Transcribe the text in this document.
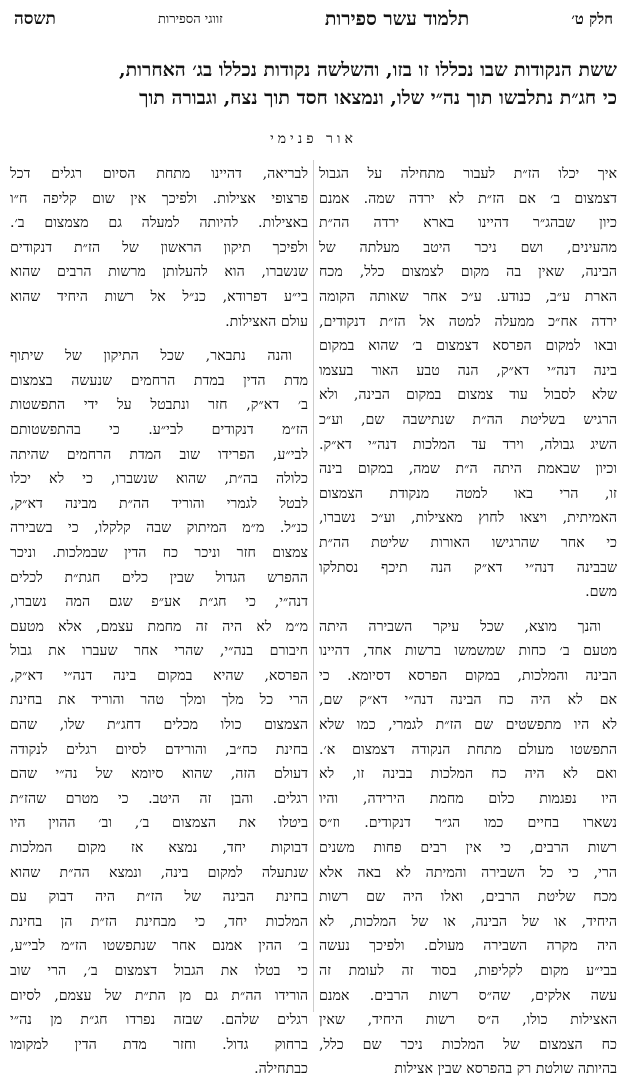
חלק ט׳
תלמוד עשר ספירות
זווגי הספירות
תשסה

ששת הנקודות שבו נכללו זו בזו, והשלשה נקודות נכללו בג׳ האחרות,

כי חג״ת נתלבשו תוך נה״י שלו, ונמצאו חסד תוך נצח, וגבורה תוך

אור פנימי
איך יכלו הז״ת לעבור מתחילה על הגבול
דצמצום ב׳ אם הז״ת לא ירדה שמה. אמנם
כיון שבהג״ר דהיינו בארא ירדה הה״ת
מהעינים, ושם ניכר היטב מעלתה של
הבינה, שאין בה מקום לצמצום כלל, מכח
הארת ע״ב, כנודע. ע״כ אחר שאותה הקומה
ירדה אח״כ ממעלה למטה אל הז״ת דנקודים,
ובאו למקום הפרסא דצמצום ב׳ שהוא במקום
בינה דנה״י דא״ק, הנה טבע האור בעצמו
שלא לסבול עוד צמצום במקום הבינה, ולא
הרגיש בשליטת הה״ת שנתישבה שם, וע״כ
השיג גבולה, וירד עד המלכות דנה״י דא״ק.
וכיון שבאמת היתה ה״ת שמה, במקום בינה
זו, הרי באו למטה מנקודת הצמצום
האמיתית, ויצאו לחוץ מאצילות, וע״כ נשברו,
כי אחר שהרגישו האורות שליטת הה״ת
שבבינה דנה״י דא״ק הנה תיכף נסתלקו
משם.
והנך מוצא, שכל עיקר השבירה היתה
מטעם ב׳ כחות שמשמשו ברשות אחד, דהיינו
הבינה והמלכות, במקום הפרסא דסיומא. כי
אם לא היה כח הבינה דנה״י דא״ק שם,
לא היו מתפשטים שם הז״ת לגמרי, כמו שלא
התפשטו מעולם מתחת הנקודה דצמצום א׳.
ואם לא היה כח המלכות בבינה זו, לא
היו נפגמות כלום מחמת הירידה, והיו
נשארו בחיים כמו הג״ר דנקודים. וז״ס
רשות הרבים, כי אין רבים פחות משנים
הרי, כי כל השבירה והמיתה לא באה אלא
מכח שליטת הרבים, ואלו היה שם רשות
היחיד, או של הבינה, או של המלכות, לא
היה מקרה השבירה מעולם. ולפיכך נעשה
בבי״ע מקום לקליפות, בסוד זה לעומת זה
עשה אלקים, שה״ס רשות הרבים. אמנם
האצילות כולו, ה״ס רשות היחיד, שאין
כח הצמצום של המלכות ניכר שם כלל,
בהיותה שולטת רק בהפרסא שבין אצילות
לבריאה, דהיינו מתחת הסיום רגלים דכל
פרצופי אצילות. ולפיכך אין שום קליפה ח״ו
באצילות. להיותה למעלה גם מצמצום ב׳.
ולפיכך תיקון הראשון של הז״ת דנקודים
שנשברו, הוא להעלותן מרשות הרבים שהוא
בי״ע דפרודא, כנ״ל אל רשות היחיד שהוא
עולם האצילות.
והנה נתבאר, שכל התיקון של שיתוף
מדת הדין במדת הרחמים שנעשה בצמצום
ב׳ דא״ק, חזר ונתבטל על ידי התפשטות
הז״מ דנקודים לבי״ע. כי בהתפשטותם
לבי״ע, הפרידו שוב המדת הרחמים שהיתה
כלולה בה״ת, שהוא שנשברו, כי לא יכלו
לבטל לגמרי והוריד הה״ת מבינה דא״ק,
כנ״ל. מ״מ המיתוק שבה קלקלו, כי בשבירה
צמצום חזר וניכר כח הדין שבמלכות. וניכר
ההפרש הגדול שבין כלים חגת״ת לכלים
דנה״י, כי חג״ת אע״פ שגם המה נשברו,
מ״מ לא היה זה מחמת עצמם, אלא מטעם
חיבורם בנה״י, שהרי אחר שעברו את גבול
הפרסא, שהיא במקום בינה דנה״י דא״ק,
הרי כל מלך ומלך טהר והוריד את בחינת
הצמצום כולו מכלים דחג״ת שלו, שהם
בחינת כח״ב, והורידם לסיום רגלים לנקודה
דעולם הזה, שהוא סיומא של נה״י שהם
רגלים. והבן זה היטב. כי מטרם שהז״ת
ביטלו את הצמצום ב׳, וב׳ ההוין היו
דבוקות יחד, נמצא אז מקום המלכות
שנתעלה למקום בינה, ונמצא הה״ת שהוא
בחינת הבינה של הז״ת היה דבוק עם
המלכות יחד, כי מבחינת הז״ת הן בחינת
ב׳ ההין אמנם אחר שנתפשטו הז״מ לבי״ע,
כי בטלו את הגבול דצמצום ב׳, הרי שוב
הורידו הה״ת גם מן הת״ת של עצמם, לסיום
רגלים שלהם. שבזה נפרדו חג״ת מן נה״י
ברחוק גדול. וחזר מדת הדין למקומו
כבתחילה.
